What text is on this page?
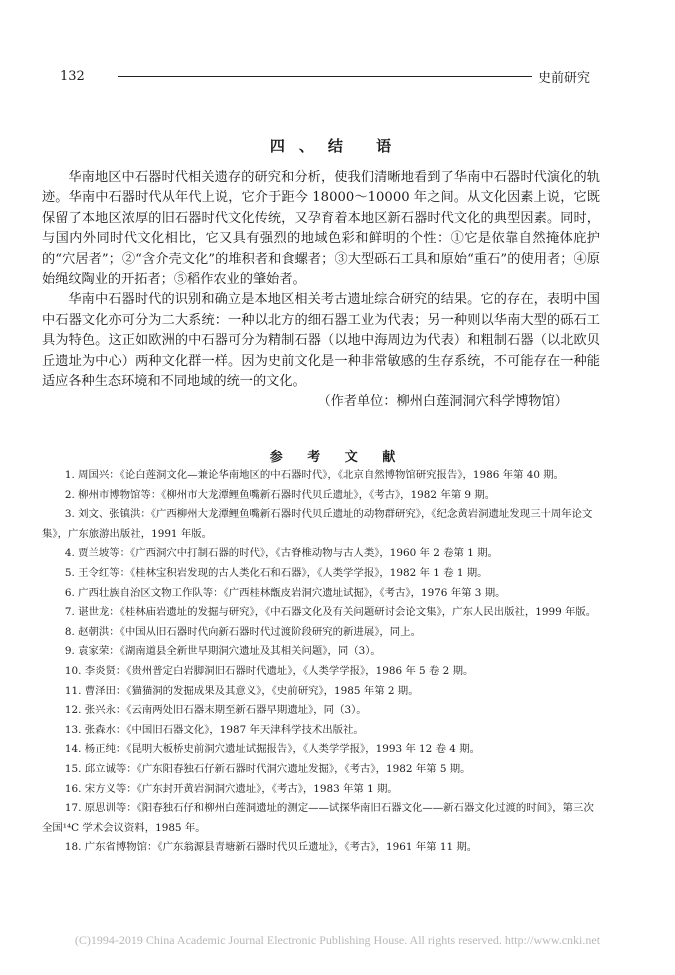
132	史前研究
四、结 语

华南地区中石器时代相关遗存的研究和分析，使我们清晰地看到了华南中石器时代演化的轨迹。华南中石器时代从年代上说，它介于距今 18000～10000 年之间。从文化因素上说，它既保留了本地区浓厚的旧石器时代文化传统，又孕育着本地区新石器时代文化的典型因素。同时，与国内外同时代文化相比，它又具有强烈的地域色彩和鲜明的个性：①它是依靠自然掩体庇护的“穴居者”；②“含介壳文化”的堆积者和食螺者；③大型砾石工具和原始“重石”的使用者；④原始绳纹陶业的开拓者；⑤稻作农业的肇始者。

华南中石器时代的识别和确立是本地区相关考古遗址综合研究的结果。它的存在，表明中国中石器文化亦可分为二大系统：一种以北方的细石器工业为代表；另一种则以华南大型的砾石工具为特色。这正如欧洲的中石器可分为精制石器（以地中海周边为代表）和粗制石器（以北欧贝丘遗址为中心）两种文化群一样。因为史前文化是一种非常敏感的生存系统，不可能存在一种能适应各种生态环境和不同地域的统一的文化。

（作者单位：柳州白莲洞洞穴科学博物馆）

参 考 文 献

1. 周国兴：《论白莲洞文化—兼论华南地区的中石器时代》，《北京自然博物馆研究报告》，1986 年第 40 期。

2. 柳州市博物馆等：《柳州市大龙潭鲤鱼嘴新石器时代贝丘遗址》，《考古》，1982 年第 9 期。

3. 刘文、张镇洪：《广西柳州大龙潭鲤鱼嘴新石器时代贝丘遗址的动物群研究》，《纪念黄岩洞遗址发现三十周年论文集》，广东旅游出版社，1991 年版。

4. 贾兰坡等：《广西洞穴中打制石器的时代》，《古脊椎动物与古人类》，1960 年 2 卷第 1 期。

5. 王令红等：《桂林宝积岩发现的古人类化石和石器》，《人类学学报》，1982 年 1 卷 1 期。

6. 广西壮族自治区文物工作队等：《广西桂林甑皮岩洞穴遗址试掘》，《考古》，1976 年第 3 期。

7. 谌世龙：《桂林庙岩遗址的发掘与研究》，《中石器文化及有关问题研讨会论文集》，广东人民出版社，1999 年版。

8. 赵朝洪：《中国从旧石器时代向新石器时代过渡阶段研究的新进展》，同上。

9. 袁家荣：《湖南道县全新世早期洞穴遗址及其相关问题》，同（3）。

10. 李炎贤：《贵州普定白岩脚洞旧石器时代遗址》，《人类学学报》，1986 年 5 卷 2 期。

11. 曹泽田：《猫猫洞的发掘成果及其意义》，《史前研究》，1985 年第 2 期。

12. 张兴永：《云南两处旧石器末期至新石器早期遗址》，同（3）。

13. 张森水：《中国旧石器文化》，1987 年天津科学技术出版社。

14. 杨正纯：《昆明大板桥史前洞穴遗址试掘报告》，《人类学学报》，1993 年 12 卷 4 期。

15. 邱立诚等：《广东阳春独石仔新石器时代洞穴遗址发掘》，《考古》，1982 年第 5 期。

16. 宋方义等：《广东封开黄岩洞洞穴遗址》，《考古》，1983 年第 1 期。

17. 原思训等：《阳春独石仔和柳州白莲洞遗址的测定——试探华南旧石器文化——新石器文化过渡的时间》，第三次全国¹⁴C 学术会议资料，1985 年。

18. 广东省博物馆：《广东翁源县青塘新石器时代贝丘遗址》，《考古》，1961 年第 11 期。

(C)1994-2019 China Academic Journal Electronic Publishing House. All rights reserved. http://www.cnki.net
